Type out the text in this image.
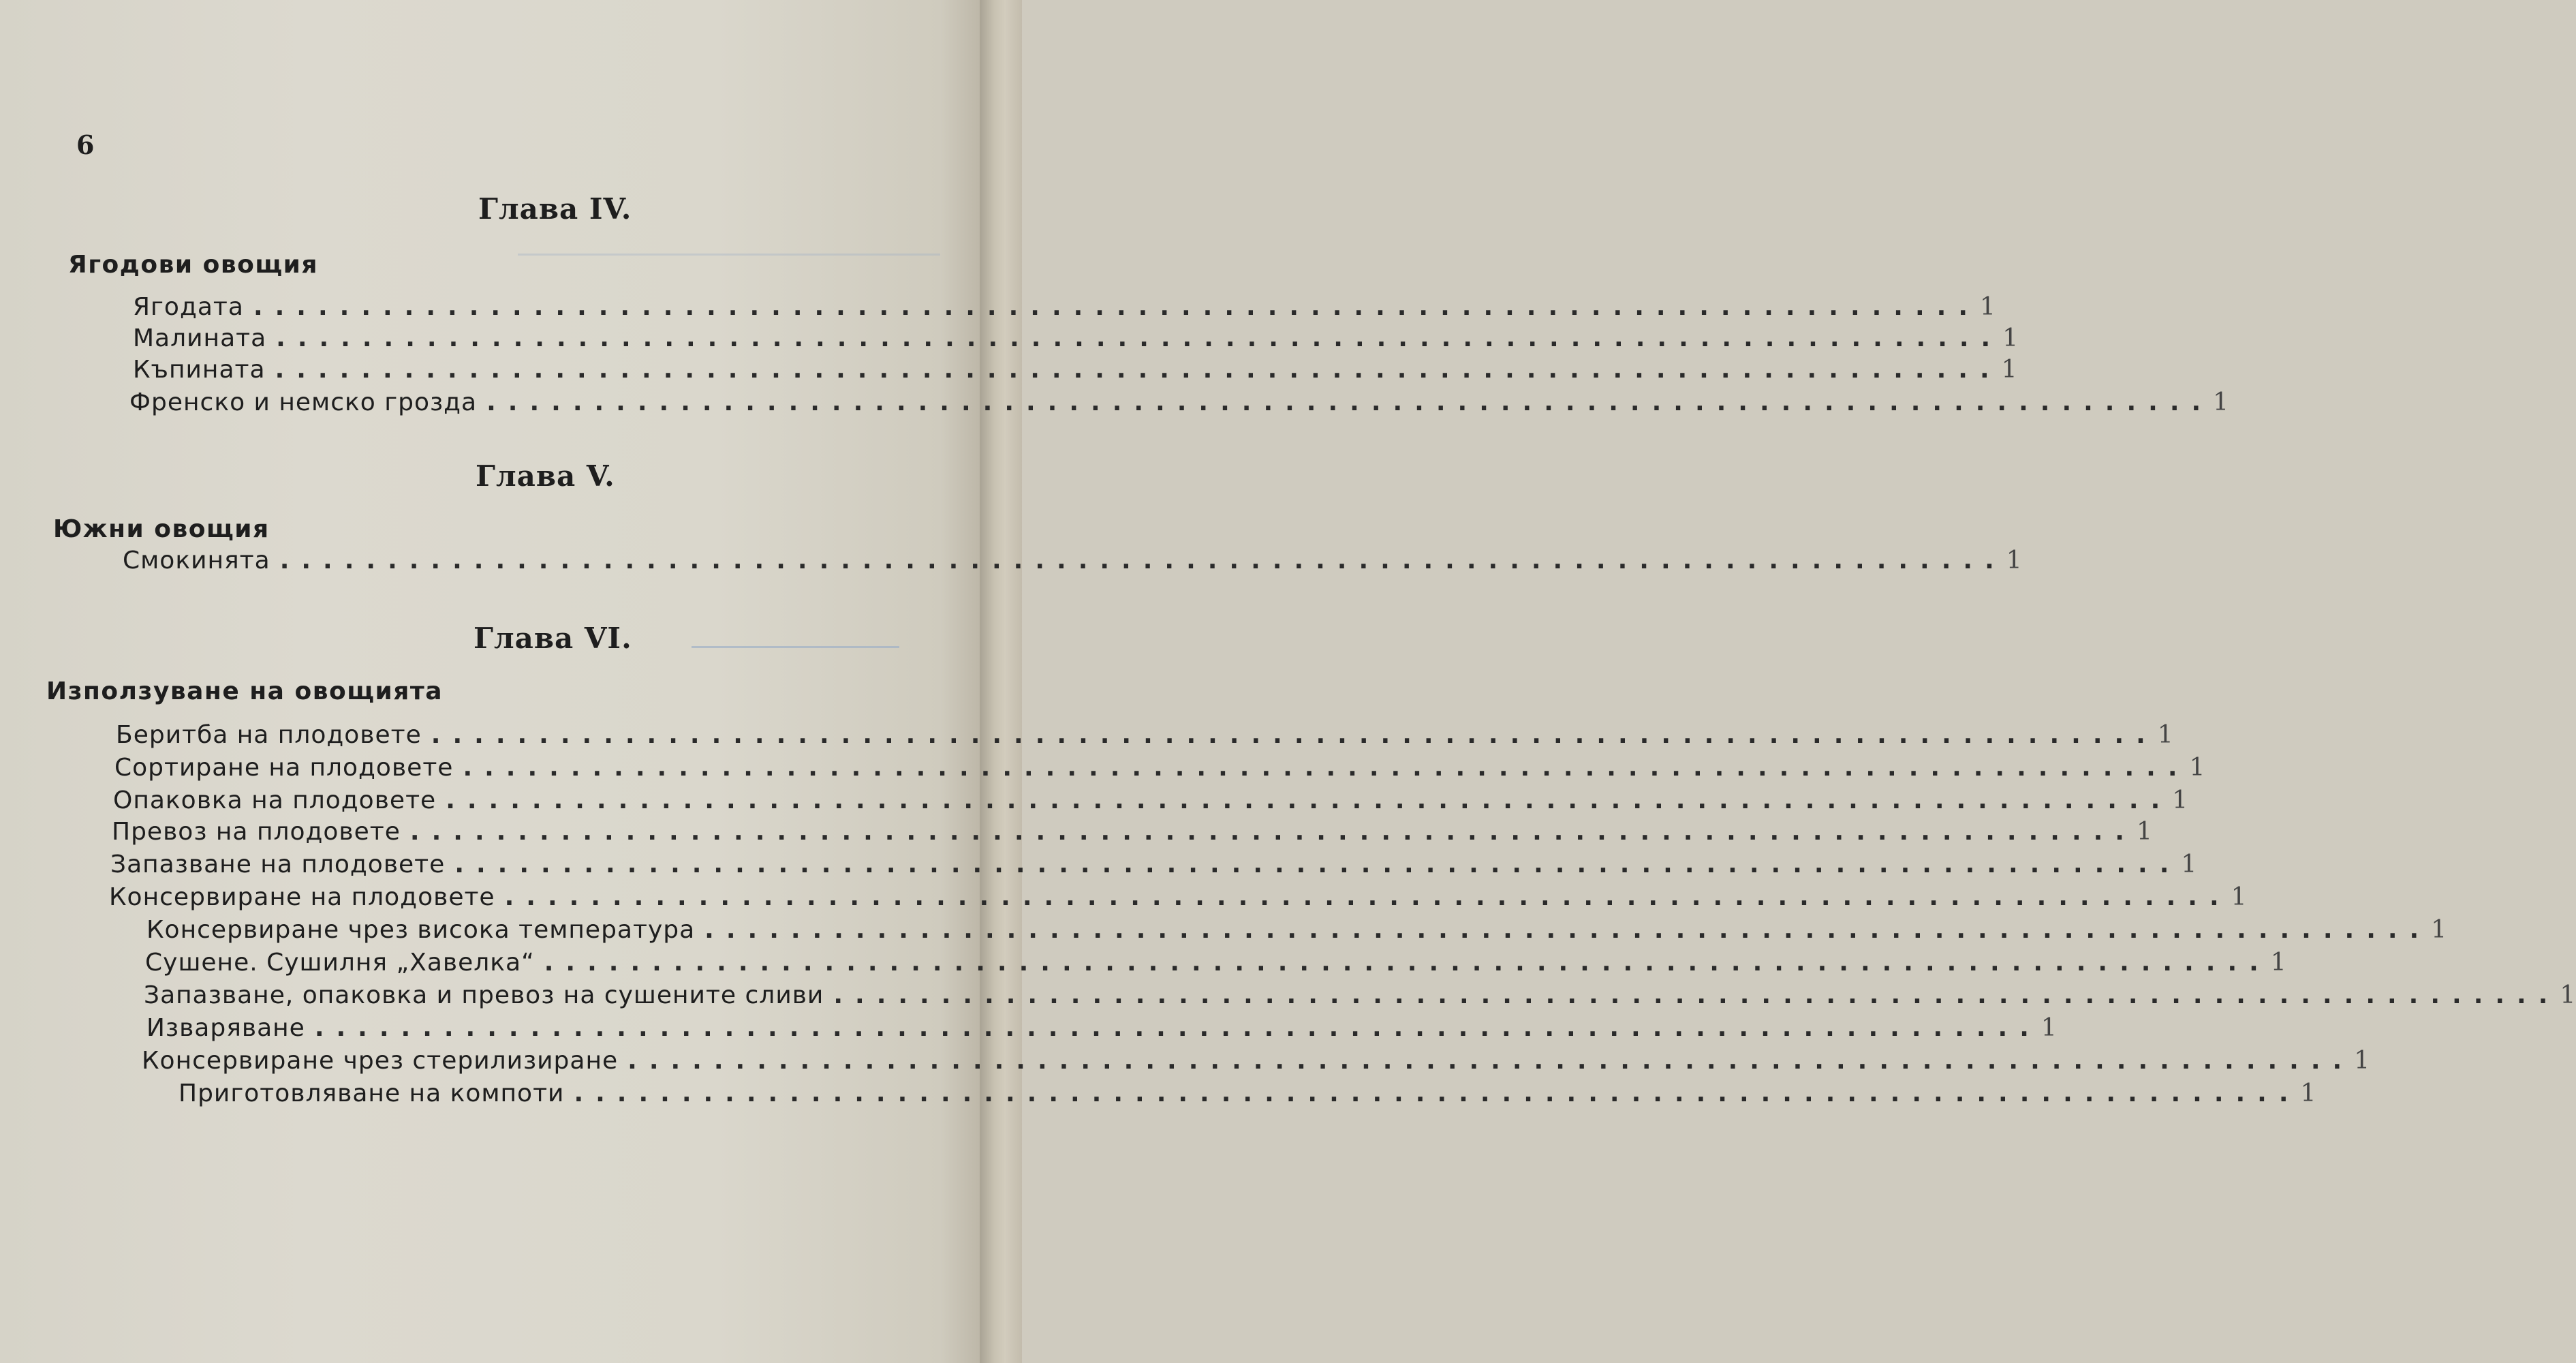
6
Глава IV.
Ягодови овощия
Ягодата ................................................................................ 1
Малината ................................................................................ 1
Къпината ................................................................................ 1
Френско и немско грозда ................................................................................ 1
Глава V.
Южни овощия
Смокинята ................................................................................ 1
Глава VI.
Използуване на овощията
Беритба на плодовете ................................................................................ 1
Сортиране на плодовете ................................................................................ 1
Опаковка на плодовете ................................................................................ 1
Превоз на плодовете ................................................................................ 1
Запазване на плодовете ................................................................................ 1
Консервиране на плодовете ................................................................................ 1
Консервиране чрез висока температура ................................................................................ 1
Сушене. Сушилня „Хавелка“ ................................................................................ 1
Запазване, опаковка и превоз на сушените сливи ................................................................................ 1
Изваряване ................................................................................ 1
Консервиране чрез стерилизиране ................................................................................ 1
Приготовляване на компоти ................................................................................ 1
